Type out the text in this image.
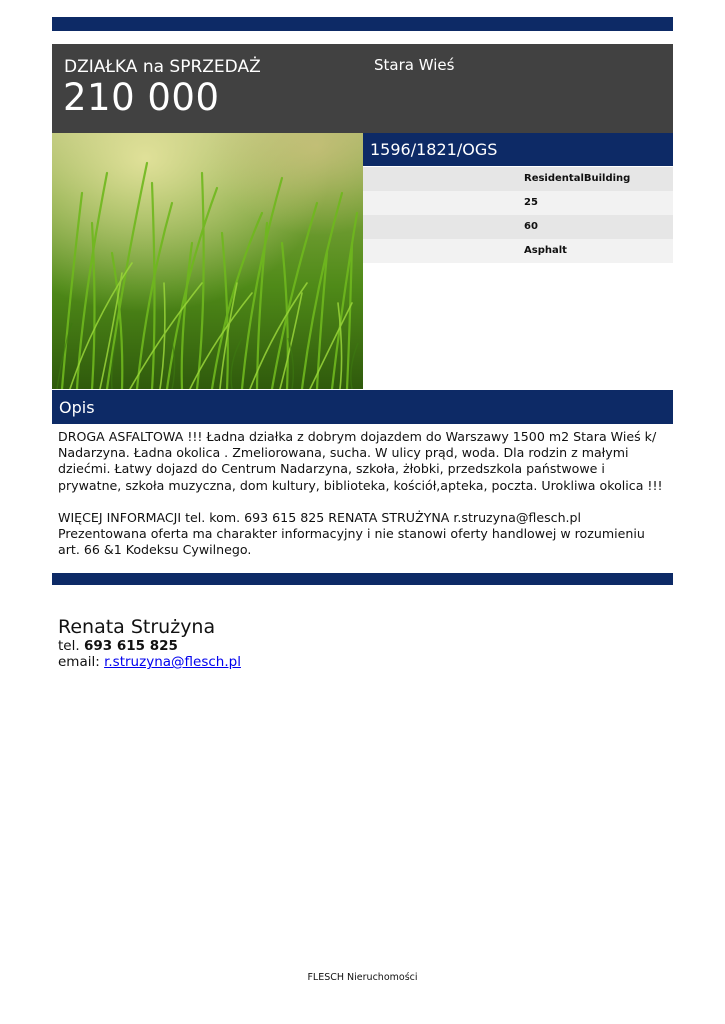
DZIAŁKA na SPRZEDAŻ
210 000
Stara Wieś
1596/1821/OGS
ResidentalBuilding
25
60
Asphalt
Opis

DROGA ASFALTOWA !!! Ładna działka z dobrym dojazdem do Warszawy 1500 m2 Stara Wieś k/ Nadarzyna. Ładna okolica . Zmeliorowana, sucha. W ulicy prąd, woda. Dla rodzin z małymi dziećmi. Łatwy dojazd do Centrum Nadarzyna, szkoła, żłobki, przedszkola państwowe i prywatne, szkoła muzyczna, dom kultury, biblioteka, kościół,apteka, poczta. Urokliwa okolica !!!

WIĘCEJ INFORMACJI tel. kom. 693 615 825 RENATA STRUŻYNA r.struzyna@flesch.pl Prezentowana oferta ma charakter informacyjny i nie stanowi oferty handlowej w rozumieniu art. 66 &1 Kodeksu Cywilnego.

Renata Strużyna
tel. 693 615 825
email: r.struzyna@flesch.pl
FLESCH Nieruchomości
